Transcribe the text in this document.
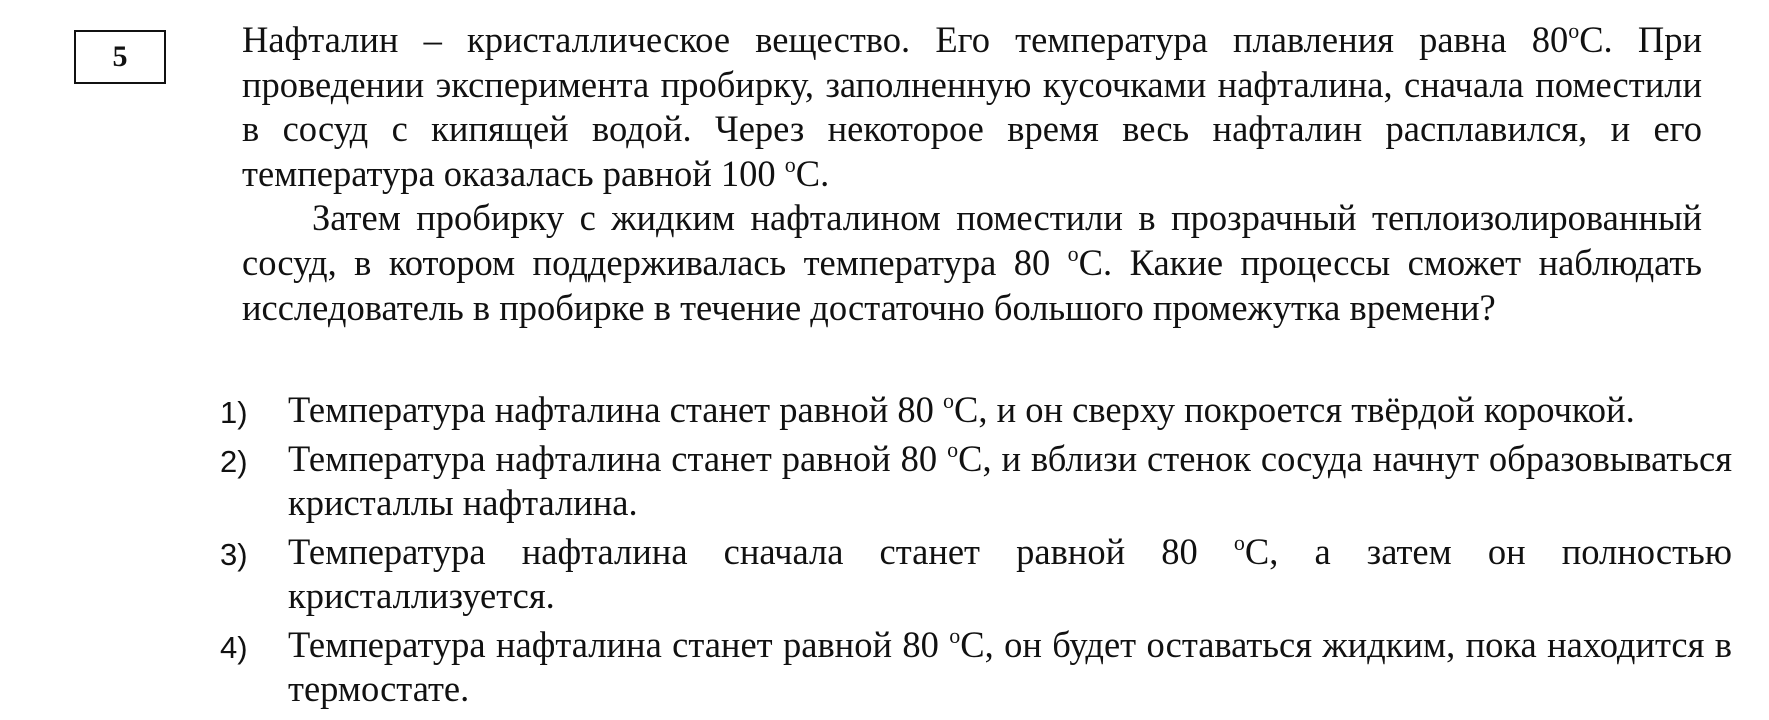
5	Нафталин – кристаллическое вещество. Его температура плавления равна 80$^o$С. При проведении эксперимента пробирку, заполненную кусочками нафталина, сначала поместили в сосуд с кипящей водой. Через некоторое время весь нафталин расплавился, и его температура оказалась равной 100 $^o$С.

Затем пробирку с жидким нафталином поместили в прозрачный теплоизолированный сосуд, в котором поддерживалась температура 80 $^o$С. Какие процессы сможет наблюдать исследователь в пробирке в течение достаточно большого промежутка времени?

1)	Температура нафталина станет равной 80 $^o$С, и он сверху покроется твёрдой корочкой.
2)	Температура нафталина станет равной 80 $^o$С, и вблизи стенок сосуда начнут образовываться кристаллы нафталина.
3)	Температура нафталина сначала станет равной 80 $^o$С, а затем он полностью кристаллизуется.
4)	Температура нафталина станет равной 80 $^o$С, он будет оставаться жидким, пока находится в термостате.
